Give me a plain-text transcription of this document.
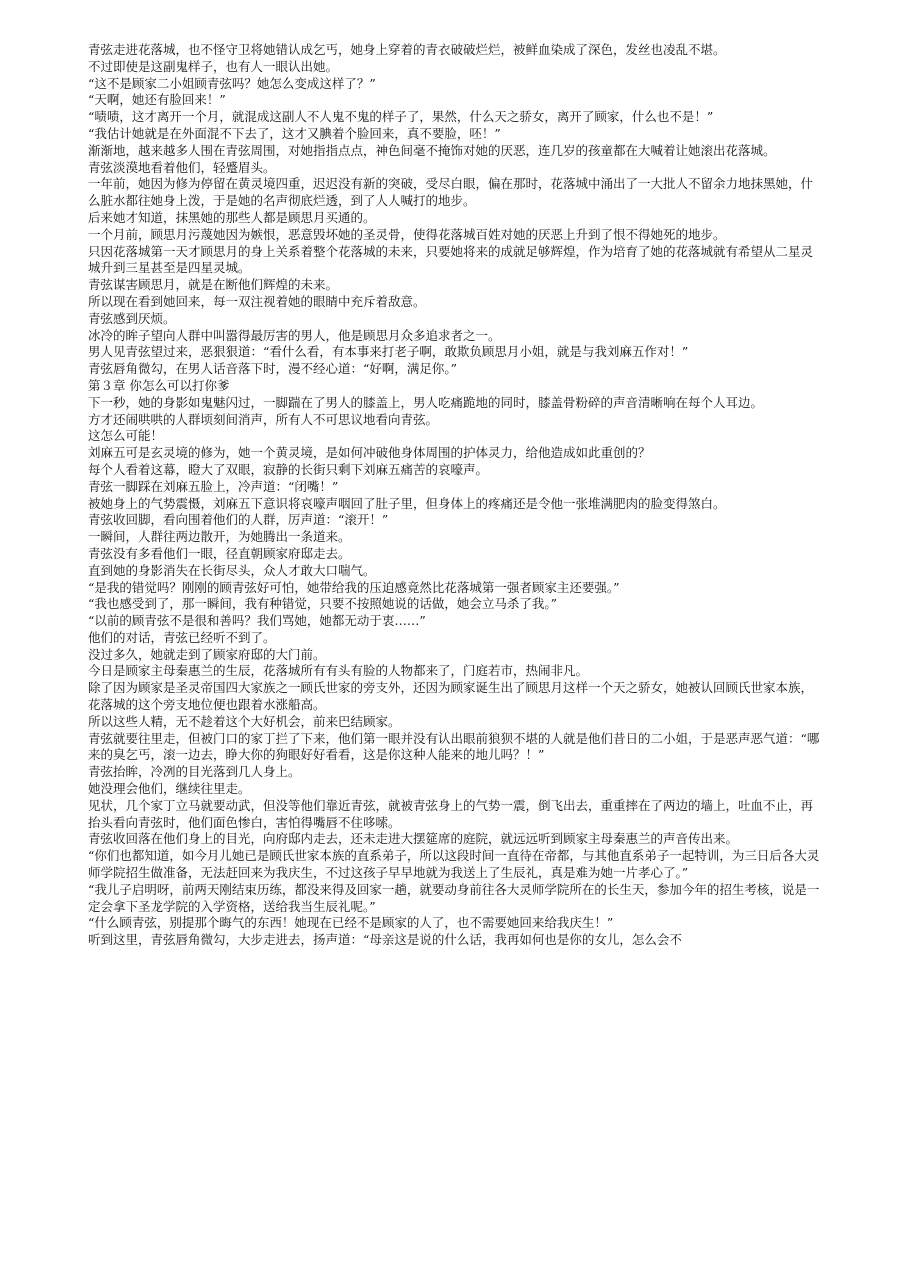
青弦走进花落城，也不怪守卫将她错认成乞丐，她身上穿着的青衣破破烂烂，被鲜血染成了深色，发丝也凌乱不堪。

不过即使是这副鬼样子，也有人一眼认出她。

“这不是顾家二小姐顾青弦吗？她怎么变成这样了？”

“天啊，她还有脸回来！”

“啧啧，这才离开一个月，就混成这副人不人鬼不鬼的样子了，果然，什么天之骄女，离开了顾家，什么也不是！”

“我估计她就是在外面混不下去了，这才又腆着个脸回来，真不要脸，呸！”

渐渐地，越来越多人围在青弦周围，对她指指点点，神色间毫不掩饰对她的厌恶，连几岁的孩童都在大喊着让她滚出花落城。

青弦淡漠地看着他们，轻蹙眉头。

一年前，她因为修为停留在黄灵境四重，迟迟没有新的突破，受尽白眼，偏在那时，花落城中涌出了一大批人不留余力地抹黑她，什么脏水都往她身上泼，于是她的名声彻底烂透，到了人人喊打的地步。

后来她才知道，抹黑她的那些人都是顾思月买通的。

一个月前，顾思月污蔑她因为嫉恨，恶意毁坏她的圣灵骨，使得花落城百姓对她的厌恶上升到了恨不得她死的地步。

只因花落城第一天才顾思月的身上关系着整个花落城的未来，只要她将来的成就足够辉煌，作为培育了她的花落城就有希望从二星灵城升到三星甚至是四星灵城。

青弦谋害顾思月，就是在断他们辉煌的未来。

所以现在看到她回来，每一双注视着她的眼睛中充斥着敌意。

青弦感到厌烦。

冰冷的眸子望向人群中叫嚣得最厉害的男人，他是顾思月众多追求者之一。

男人见青弦望过来，恶狠狠道：“看什么看，有本事来打老子啊，敢欺负顾思月小姐，就是与我刘麻五作对！”

青弦唇角微勾，在男人话音落下时，漫不经心道：“好啊，满足你。”

第３章 你怎么可以打你爹

下一秒，她的身影如鬼魅闪过，一脚踹在了男人的膝盖上，男人吃痛跪地的同时，膝盖骨粉碎的声音清晰响在每个人耳边。

方才还闹哄哄的人群顷刻间消声，所有人不可思议地看向青弦。

这怎么可能！

刘麻五可是玄灵境的修为，她一个黄灵境，是如何冲破他身体周围的护体灵力，给他造成如此重创的？

每个人看着这幕，瞪大了双眼，寂静的长街只剩下刘麻五痛苦的哀嚎声。

青弦一脚踩在刘麻五脸上，冷声道：“闭嘴！”

被她身上的气势震慑，刘麻五下意识将哀嚎声咽回了肚子里，但身体上的疼痛还是令他一张堆满肥肉的脸变得煞白。

青弦收回脚，看向围着他们的人群，厉声道：“滚开！”

一瞬间，人群往两边散开，为她腾出一条道来。

青弦没有多看他们一眼，径直朝顾家府邸走去。

直到她的身影消失在长街尽头，众人才敢大口喘气。

“是我的错觉吗？刚刚的顾青弦好可怕，她带给我的压迫感竟然比花落城第一强者顾家主还要强。”

“我也感受到了，那一瞬间，我有种错觉，只要不按照她说的话做，她会立马杀了我。”

“以前的顾青弦不是很和善吗？我们骂她，她都无动于衷……”

他们的对话，青弦已经听不到了。

没过多久，她就走到了顾家府邸的大门前。

今日是顾家主母秦惠兰的生辰，花落城所有有头有脸的人物都来了，门庭若市，热闹非凡。

除了因为顾家是圣灵帝国四大家族之一顾氏世家的旁支外，还因为顾家诞生出了顾思月这样一个天之骄女，她被认回顾氏世家本族，花落城的这个旁支地位便也跟着水涨船高。

所以这些人精，无不趁着这个大好机会，前来巴结顾家。

青弦就要往里走，但被门口的家丁拦了下来，他们第一眼并没有认出眼前狼狈不堪的人就是他们昔日的二小姐，于是恶声恶气道：“哪来的臭乞丐，滚一边去，睁大你的狗眼好好看看，这是你这种人能来的地儿吗？！”

青弦抬眸，冷冽的目光落到几人身上。

她没理会他们，继续往里走。

见状，几个家丁立马就要动武，但没等他们靠近青弦，就被青弦身上的气势一震，倒飞出去，重重摔在了两边的墙上，吐血不止，再抬头看向青弦时，他们面色惨白，害怕得嘴唇不住哆嗦。

青弦收回落在他们身上的目光，向府邸内走去，还未走进大摆筵席的庭院，就远远听到顾家主母秦惠兰的声音传出来。

“你们也都知道，如今月儿她已是顾氏世家本族的直系弟子，所以这段时间一直待在帝都，与其他直系弟子一起特训，为三日后各大灵师学院招生做准备，无法赶回来为我庆生，不过这孩子早早地就为我送上了生辰礼，真是难为她一片孝心了。”

“我儿子启明呀，前两天刚结束历练，都没来得及回家一趟，就要动身前往各大灵师学院所在的长生天，参加今年的招生考核，说是一定会拿下圣龙学院的入学资格，送给我当生辰礼呢。”

“什么顾青弦，别提那个晦气的东西！她现在已经不是顾家的人了，也不需要她回来给我庆生！”

听到这里，青弦唇角微勾，大步走进去，扬声道：“母亲这是说的什么话，我再如何也是你的女儿，怎么会不
